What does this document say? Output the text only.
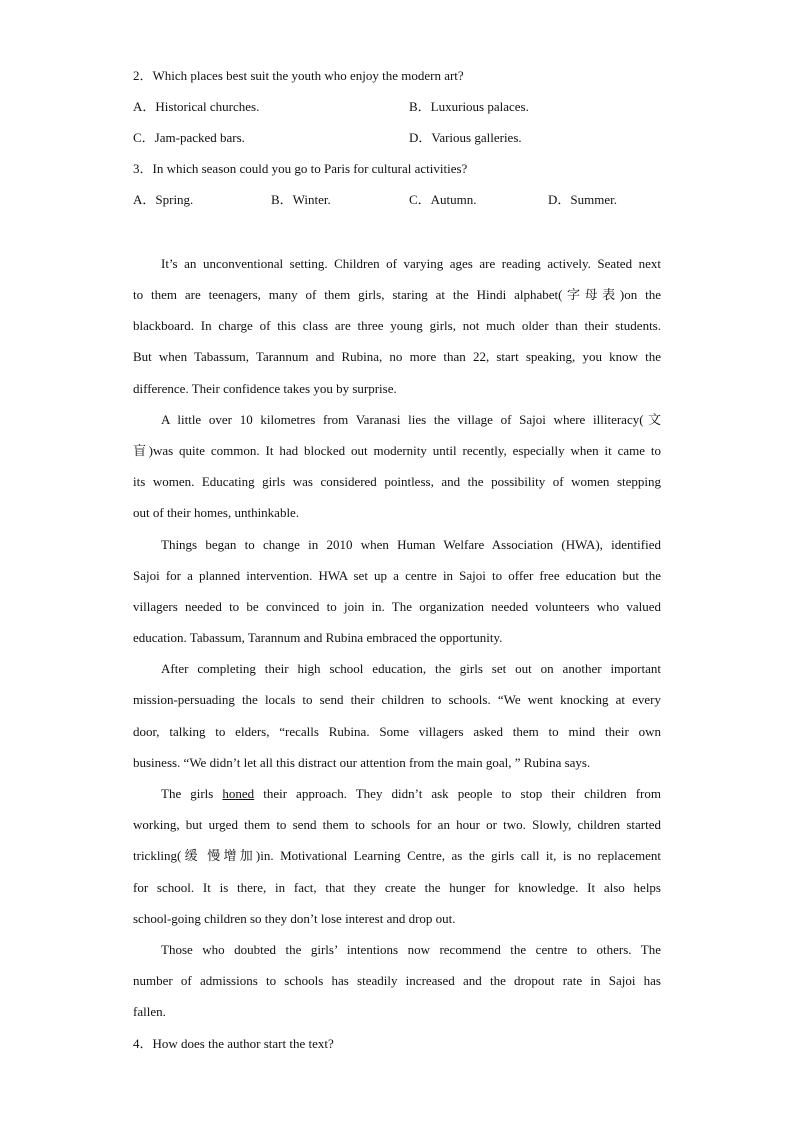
2．Which places best suit the youth who enjoy the modern art?
A．Historical churches.	B．Luxurious palaces.
C．Jam-packed bars.	D．Various galleries.
3．In which season could you go to Paris for cultural activities?
A．Spring.	B．Winter.	C．Autumn.	D．Summer.
It’s an unconventional setting. Children of varying ages are reading actively. Seated next
to them are teenagers, many of them girls, staring at the Hindi alphabet(字母表)on the
blackboard. In charge of this class are three young girls, not much older than their students.
But when Tabassum, Tarannum and Rubina, no more than 22, start speaking, you know the
difference. Their confidence takes you by surprise.
A little over 10 kilometres from Varanasi lies the village of Sajoi where illiteracy(文
盲)was quite common. It had blocked out modernity until recently, especially when it came to
its women. Educating girls was considered pointless, and the possibility of women stepping
out of their homes, unthinkable.
Things began to change in 2010 when Human Welfare Association (HWA), identified
Sajoi for a planned intervention. HWA set up a centre in Sajoi to offer free education but the
villagers needed to be convinced to join in. The organization needed volunteers who valued
education. Tabassum, Tarannum and Rubina embraced the opportunity.
After completing their high school education, the girls set out on another important
mission-persuading the locals to send their children to schools. “We went knocking at every
door, talking to elders, “recalls Rubina. Some villagers asked them to mind their own
business. “We didn’t let all this distract our attention from the main goal, ” Rubina says.
The girls honed their approach. They didn’t ask people to stop their children from
working, but urged them to send them to schools for an hour or two. Slowly, children started
trickling(缓 慢增加)in. Motivational Learning Centre, as the girls call it, is no replacement
for school. It is there, in fact, that they create the hunger for knowledge. It also helps
school-going children so they don’t lose interest and drop out.
Those who doubted the girls’ intentions now recommend the centre to others. The
number of admissions to schools has steadily increased and the dropout rate in Sajoi has
fallen.
4．How does the author start the text?
